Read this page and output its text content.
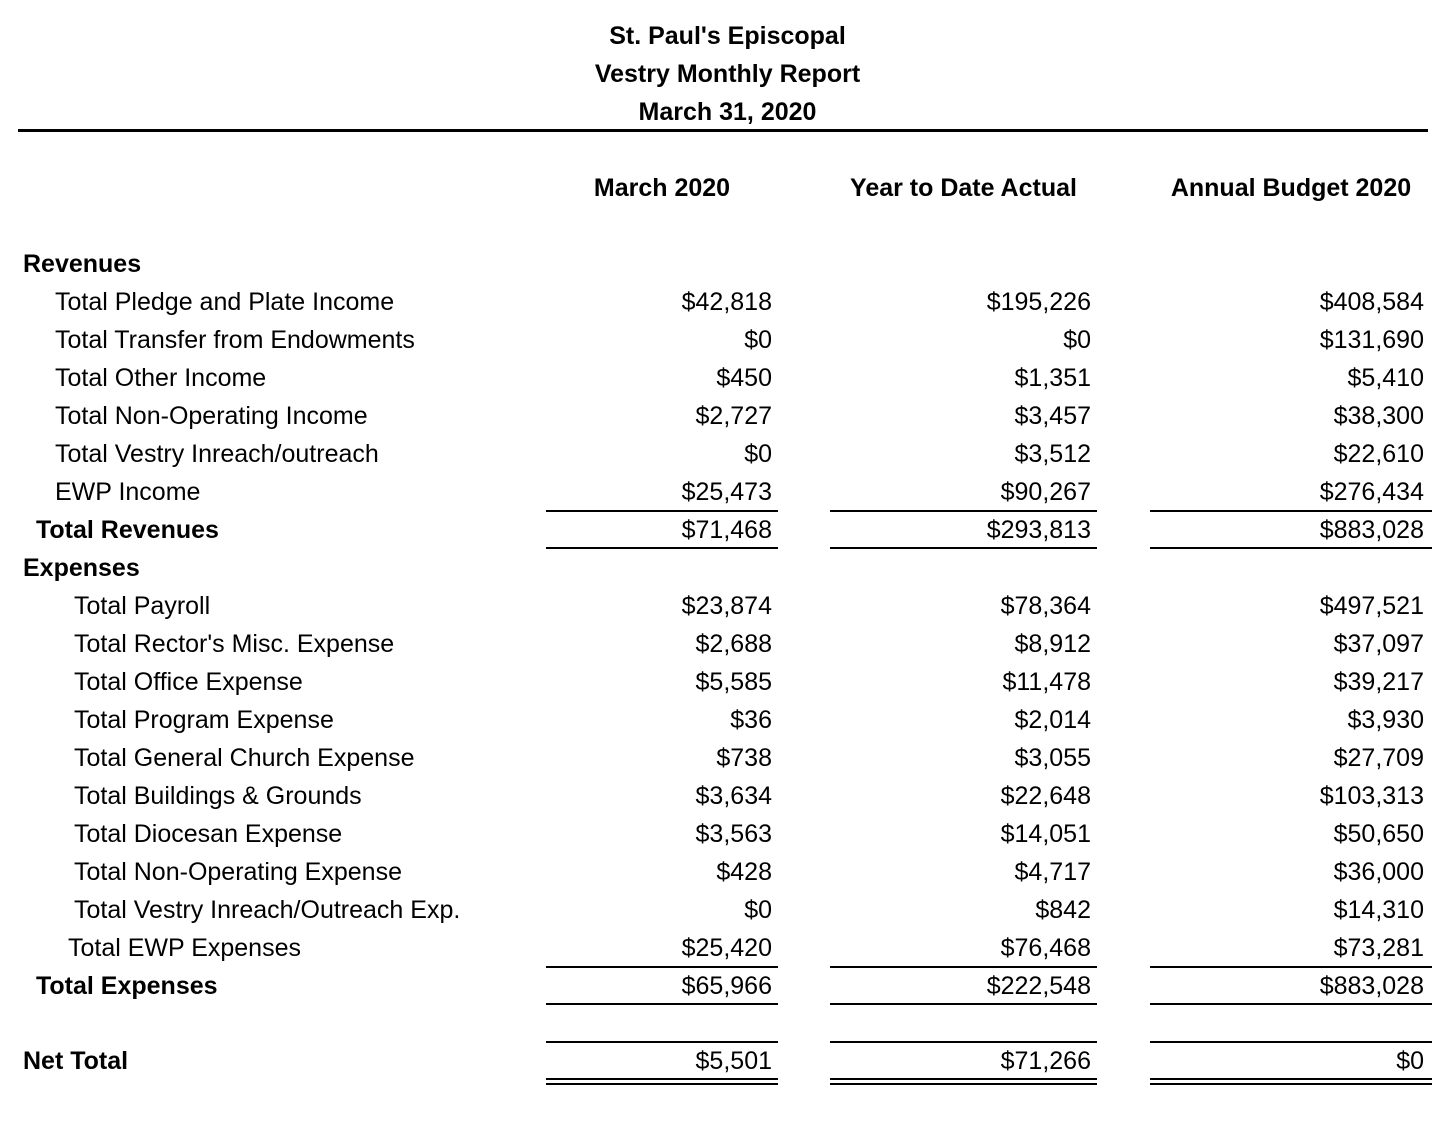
St. Paul's Episcopal
Vestry Monthly Report
March 31, 2020
March 2020	Year to Date Actual	Annual Budget 2020
Revenues
Total Pledge and Plate Income	$42,818	$195,226	$408,584
Total Transfer from Endowments	$0	$0	$131,690
Total Other Income	$450	$1,351	$5,410
Total Non-Operating Income	$2,727	$3,457	$38,300
Total Vestry Inreach/outreach	$0	$3,512	$22,610
EWP Income	$25,473	$90,267	$276,434
Total Revenues	$71,468	$293,813	$883,028
Expenses
Total Payroll	$23,874	$78,364	$497,521
Total Rector's Misc. Expense	$2,688	$8,912	$37,097
Total Office Expense	$5,585	$11,478	$39,217
Total Program Expense	$36	$2,014	$3,930
Total General Church Expense	$738	$3,055	$27,709
Total Buildings & Grounds	$3,634	$22,648	$103,313
Total Diocesan Expense	$3,563	$14,051	$50,650
Total Non-Operating Expense	$428	$4,717	$36,000
Total Vestry Inreach/Outreach Exp.	$0	$842	$14,310
Total EWP Expenses	$25,420	$76,468	$73,281
Total Expenses	$65,966	$222,548	$883,028
Net Total	$5,501	$71,266	$0
